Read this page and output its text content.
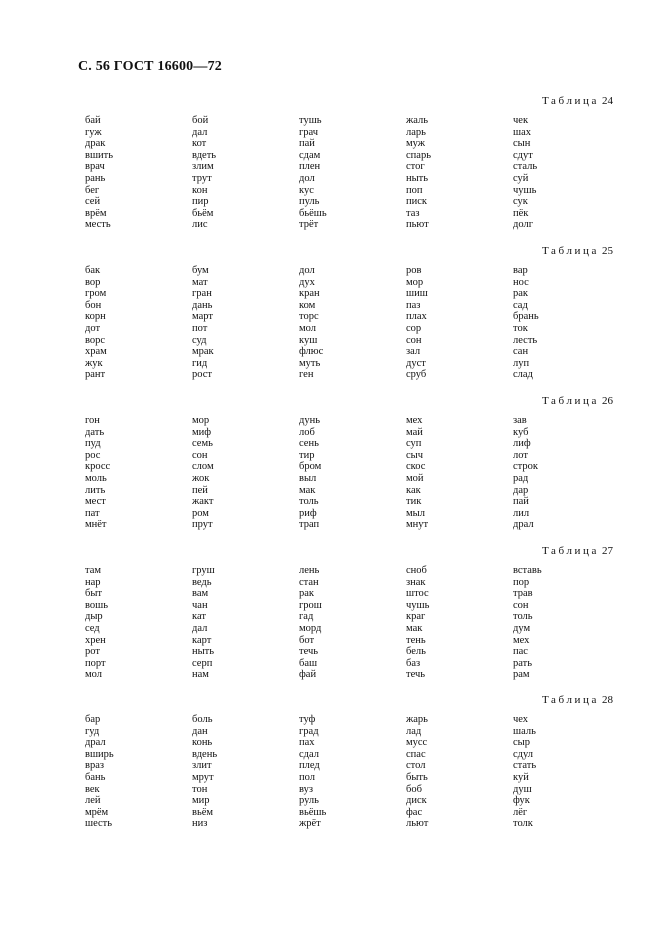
С. 56 ГОСТ 16600—72
Таблица 24
бай
гуж
драк
вшить
врач
рань
бег
сей
врём
месть
бой
дал
кот
вдеть
злим
трут
кон
пир
бьём
лис
тушь
грач
пай
сдам
плен
дол
кус
пуль
бьёшь
трёт
жаль
ларь
муж
спарь
стог
ныть
поп
писк
таз
пьют
чек
шах
сын
сдут
сталь
суй
чушь
сук
пёк
долг
Таблица 25
бак
вор
гром
бон
корн
дот
ворс
храм
жук
рант
бум
мат
гран
дань
март
пот
суд
мрак
гид
рост
дол
дух
кран
ком
торс
мол
куш
флюс
муть
ген
ров
мор
шиш
паз
плах
сор
сон
зал
дуст
сруб
вар
нос
рак
сад
брань
ток
лесть
сан
луп
слад
Таблица 26
гон
дать
пуд
рос
кросс
моль
лить
мест
пат
мнёт
мор
миф
семь
сон
слом
жок
пей
жакт
ром
прут
дунь
лоб
сень
тир
бром
выл
мак
толь
риф
трап
мех
май
суп
сыч
скос
мой
как
тик
мыл
мнут
зав
куб
лиф
лот
строк
рад
дар
пай
лил
драл
Таблица 27
там
нар
быт
вошь
дыр
сед
хрен
рот
порт
мол
груш
ведь
вам
чан
кат
дал
карт
ныть
серп
нам
лень
стан
рак
грош
гад
морд
бот
течь
баш
фай
сноб
знак
штос
чушь
краг
мак
тень
бель
баз
течь
вставь
пор
трав
сон
толь
дум
мех
пас
рать
рам
Таблица 28
бар
гуд
драл
вширь
враз
бань
век
лей
мрём
шесть
боль
дан
конь
вдень
злит
мрут
тон
мир
вьём
низ
туф
град
пах
сдал
плед
пол
вуз
руль
вьёшь
жрёт
жарь
лад
мусс
спас
стол
быть
боб
диск
фас
льют
чех
шаль
сыр
сдул
стать
куй
душ
фук
лёг
толк
